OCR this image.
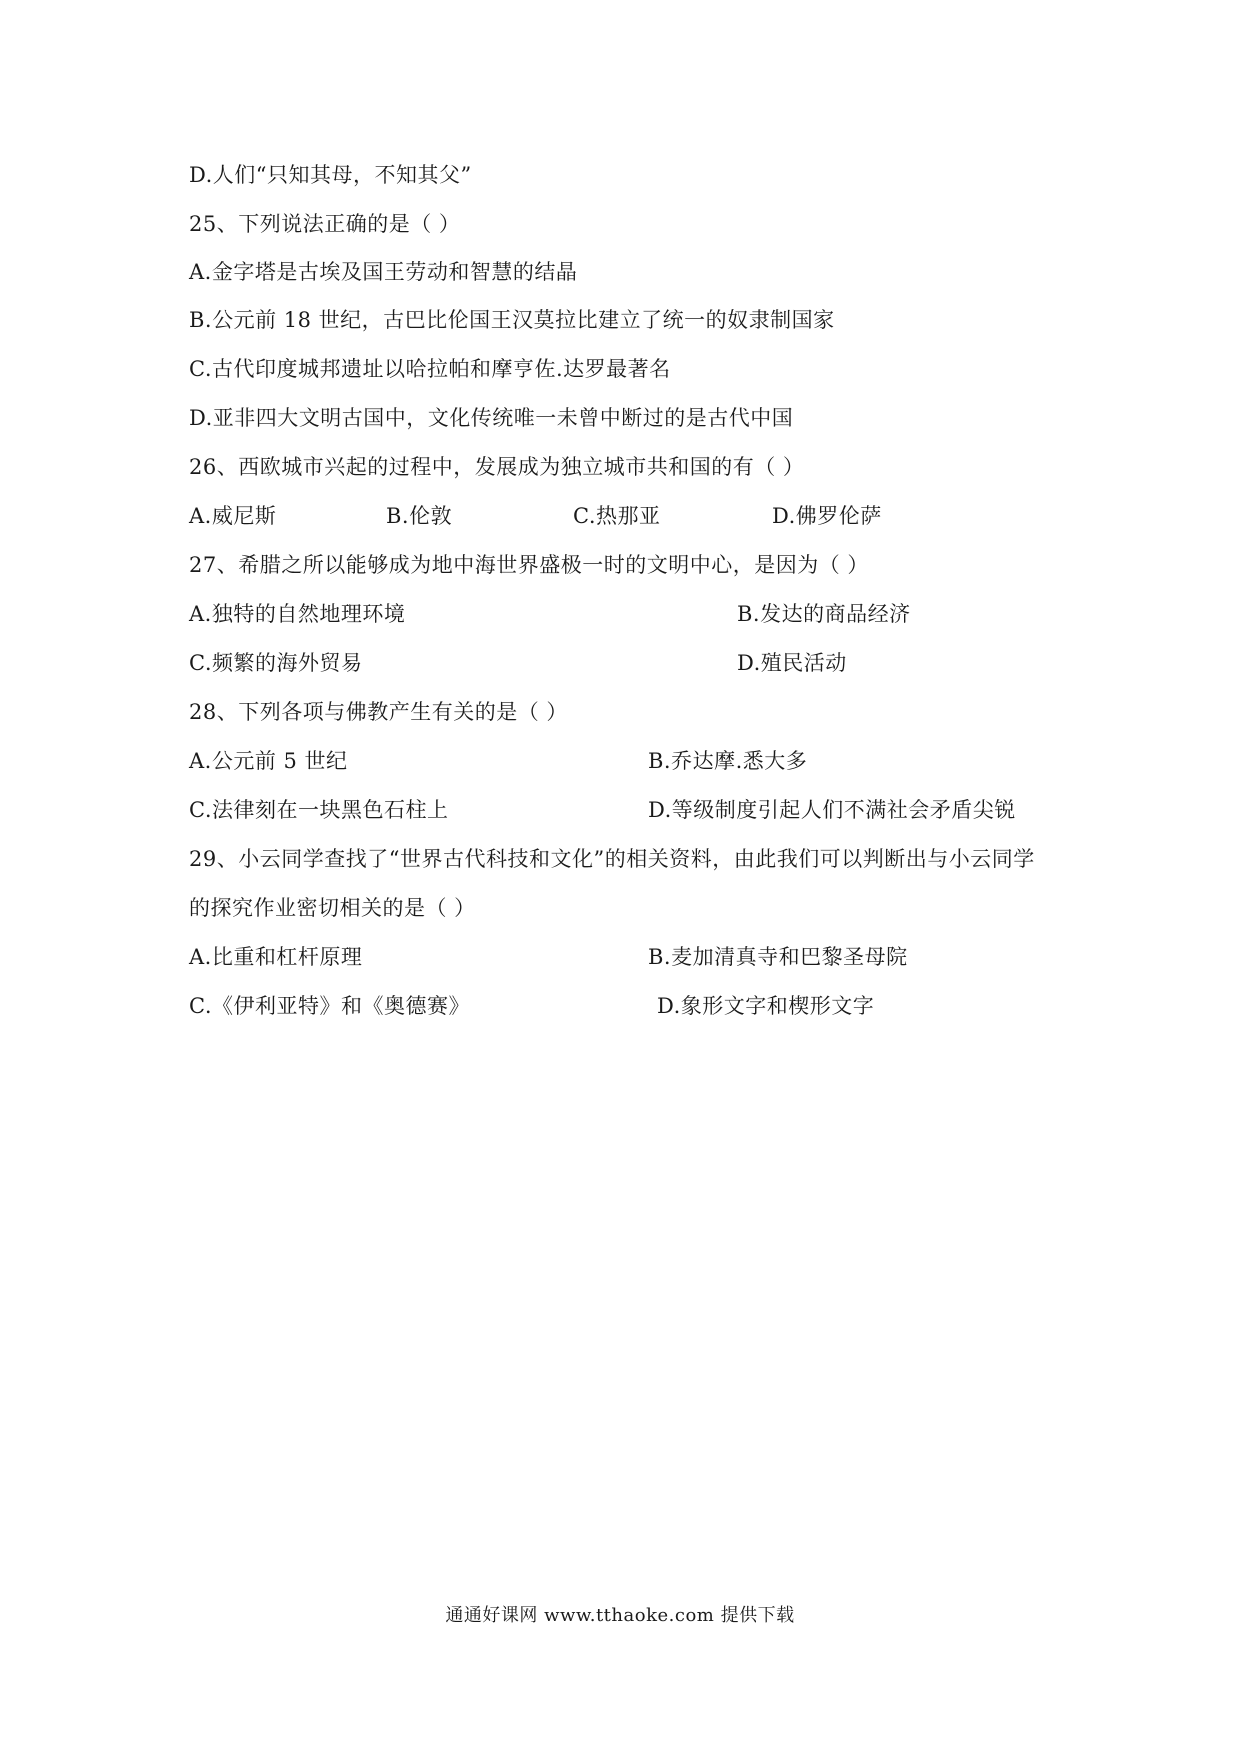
D.人们“只知其母，不知其父”
25、下列说法正确的是（ ）
A.金字塔是古埃及国王劳动和智慧的结晶
B.公元前 18 世纪，古巴比伦国王汉莫拉比建立了统一的奴隶制国家
C.古代印度城邦遗址以哈拉帕和摩亨佐.达罗最著名
D.亚非四大文明古国中，文化传统唯一未曾中断过的是古代中国
26、西欧城市兴起的过程中，发展成为独立城市共和国的有（ ）
A.威尼斯	B.伦敦	C.热那亚	D.佛罗伦萨
27、希腊之所以能够成为地中海世界盛极一时的文明中心，是因为（ ）
A.独特的自然地理环境	B.发达的商品经济
C.频繁的海外贸易	D.殖民活动
28、下列各项与佛教产生有关的是（ ）
A.公元前 5 世纪	B.乔达摩.悉大多
C.法律刻在一块黑色石柱上	D.等级制度引起人们不满社会矛盾尖锐
29、小云同学查找了“世界古代科技和文化”的相关资料，由此我们可以判断出与小云同学
的探究作业密切相关的是（ ）
A.比重和杠杆原理	B.麦加清真寺和巴黎圣母院
C.《伊利亚特》和《奥德赛》	D.象形文字和楔形文字
通通好课网 www.tthaoke.com 提供下载
